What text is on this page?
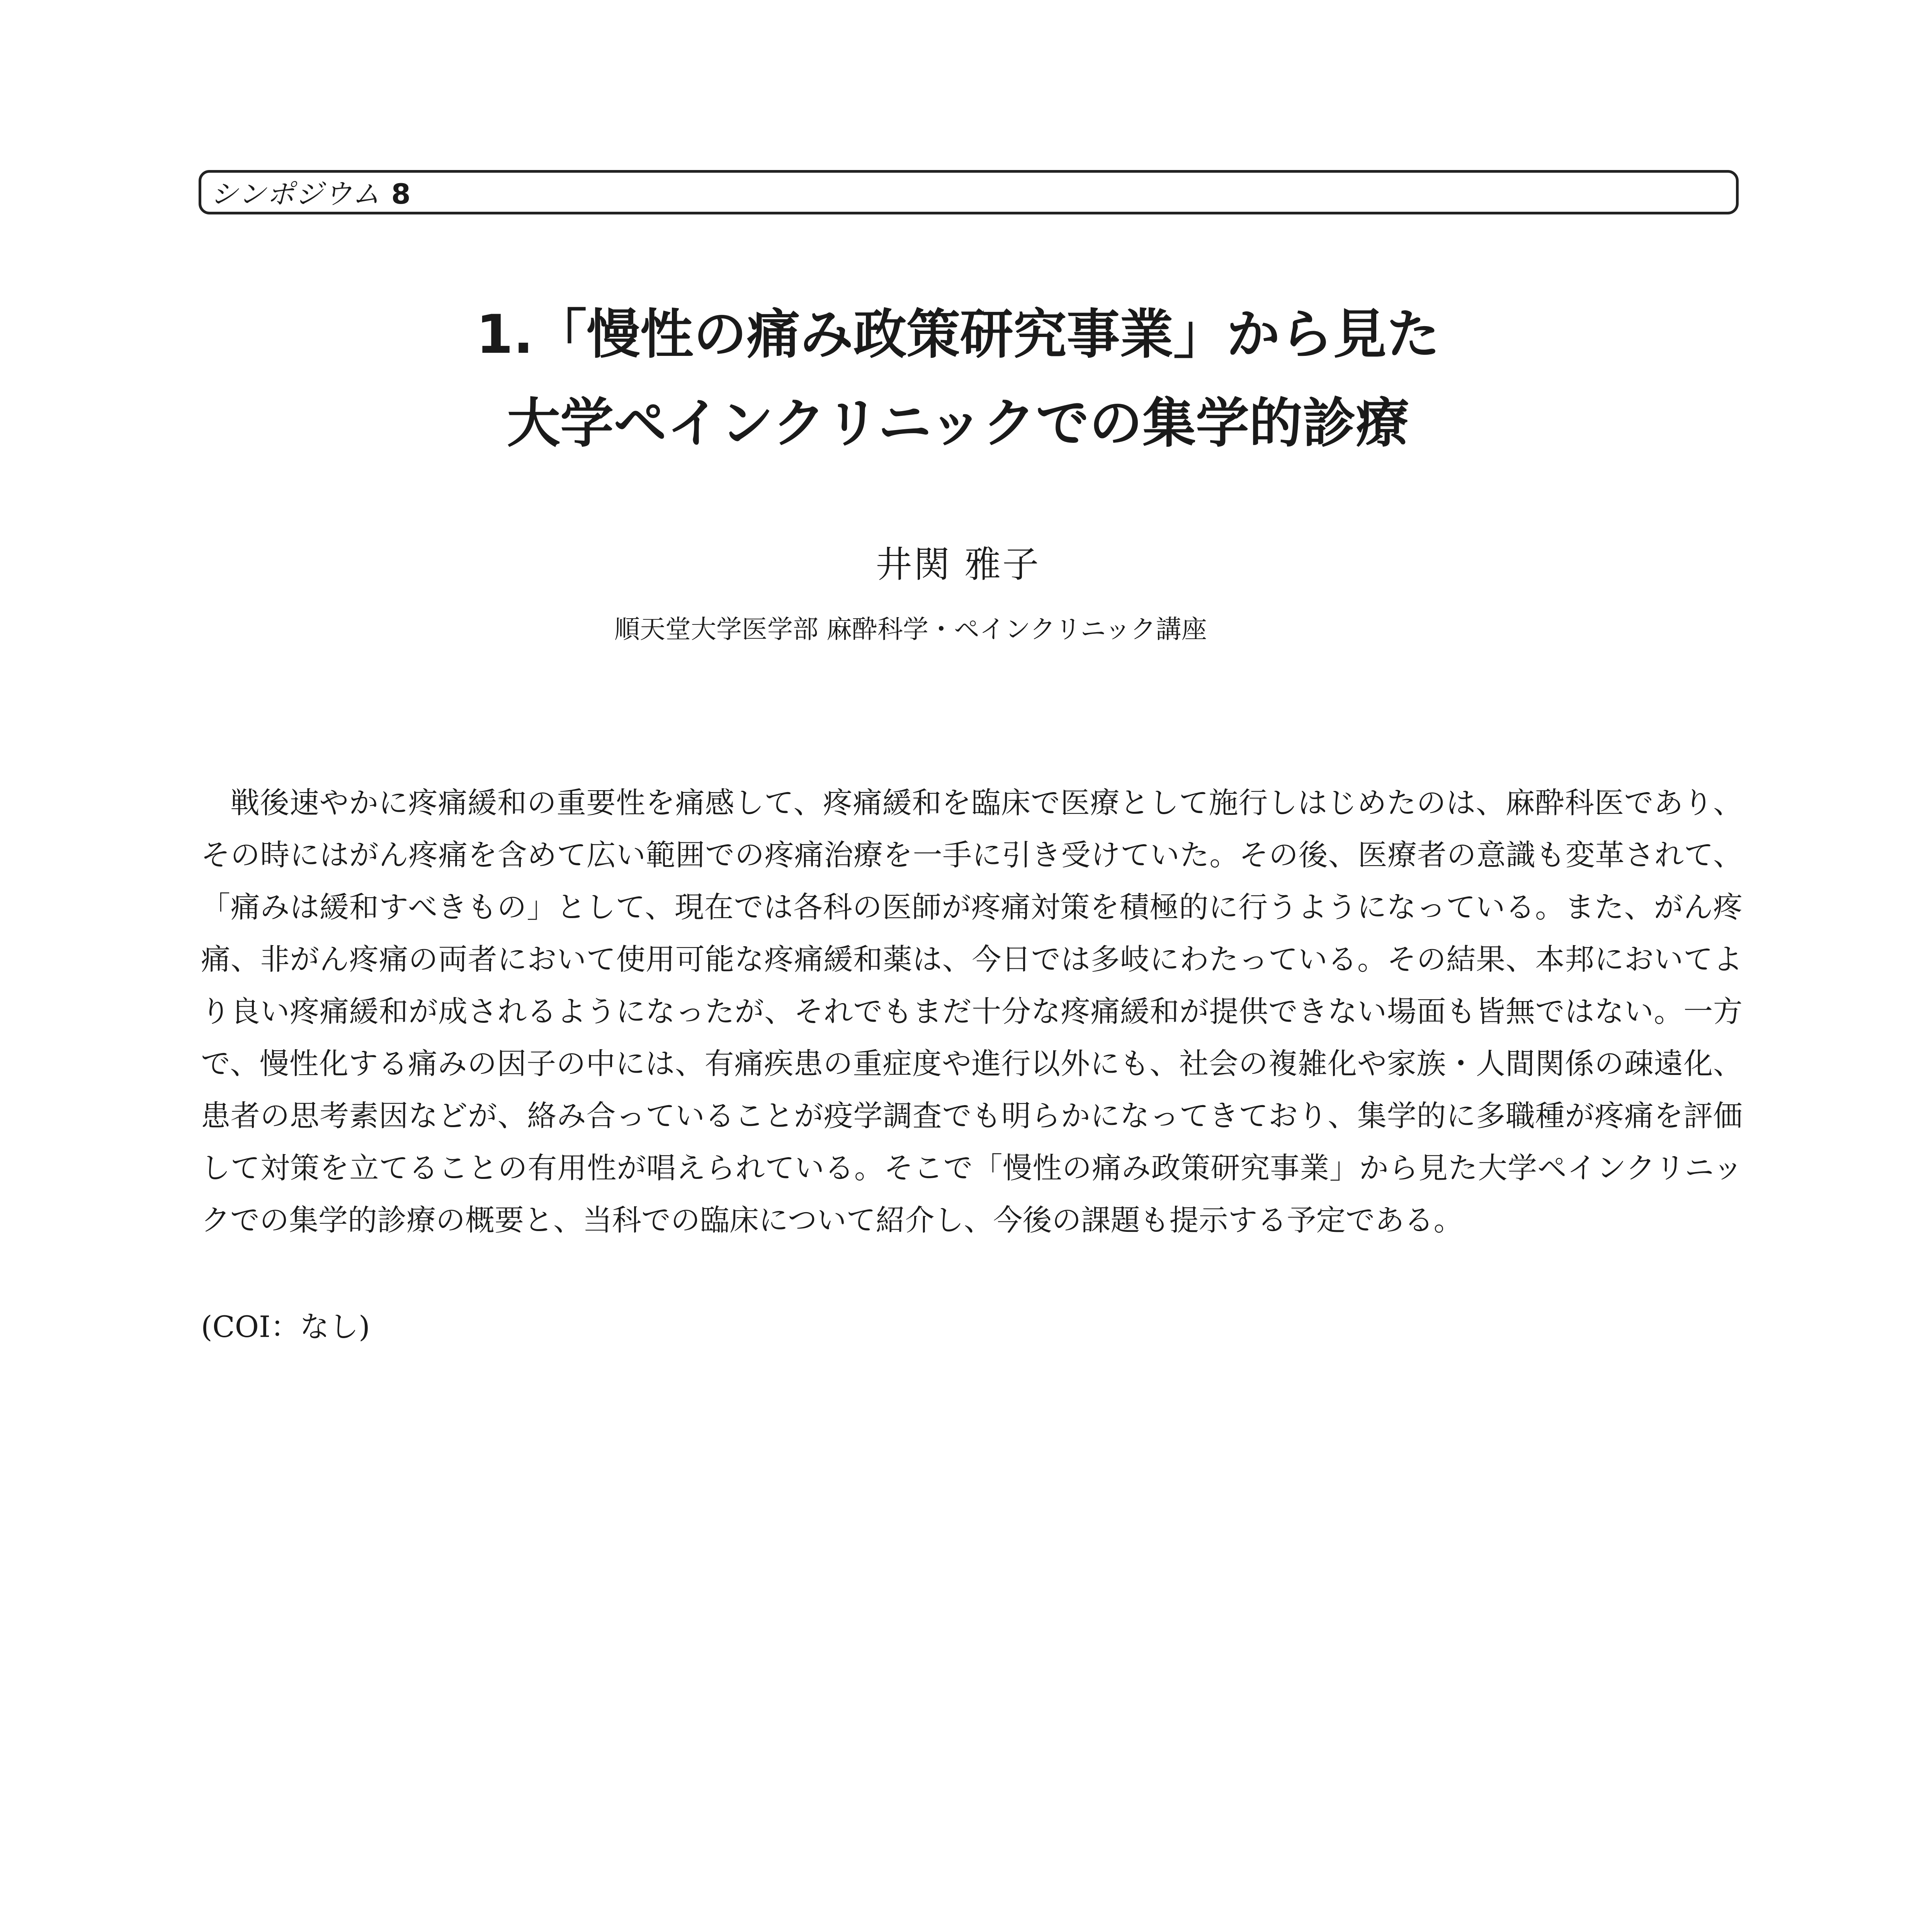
シンポジウム 8
1.「慢性の痛み政策研究事業」から見た
大学ペインクリニックでの集学的診療
井関 雅子
順天堂大学医学部 麻酔科学・ペインクリニック講座

戦後速やかに疼痛緩和の重要性を痛感して、疼痛緩和を臨床で医療として施行しはじめたのは、麻酔科医であり、その時にはがん疼痛を含めて広い範囲での疼痛治療を一手に引き受けていた。その後、医療者の意識も変革されて、「痛みは緩和すべきもの」として、現在では各科の医師が疼痛対策を積極的に行うようになっている。また、がん疼痛、非がん疼痛の両者において使用可能な疼痛緩和薬は、今日では多岐にわたっている。その結果、本邦においてより良い疼痛緩和が成されるようになったが、それでもまだ十分な疼痛緩和が提供できない場面も皆無ではない。一方で、慢性化する痛みの因子の中には、有痛疾患の重症度や進行以外にも、社会の複雑化や家族・人間関係の疎遠化、患者の思考素因などが、絡み合っていることが疫学調査でも明らかになってきており、集学的に多職種が疼痛を評価して対策を立てることの有用性が唱えられている。そこで「慢性の痛み政策研究事業」から見た大学ペインクリニックでの集学的診療の概要と、当科での臨床について紹介し、今後の課題も提示する予定である。

(COI：なし)
